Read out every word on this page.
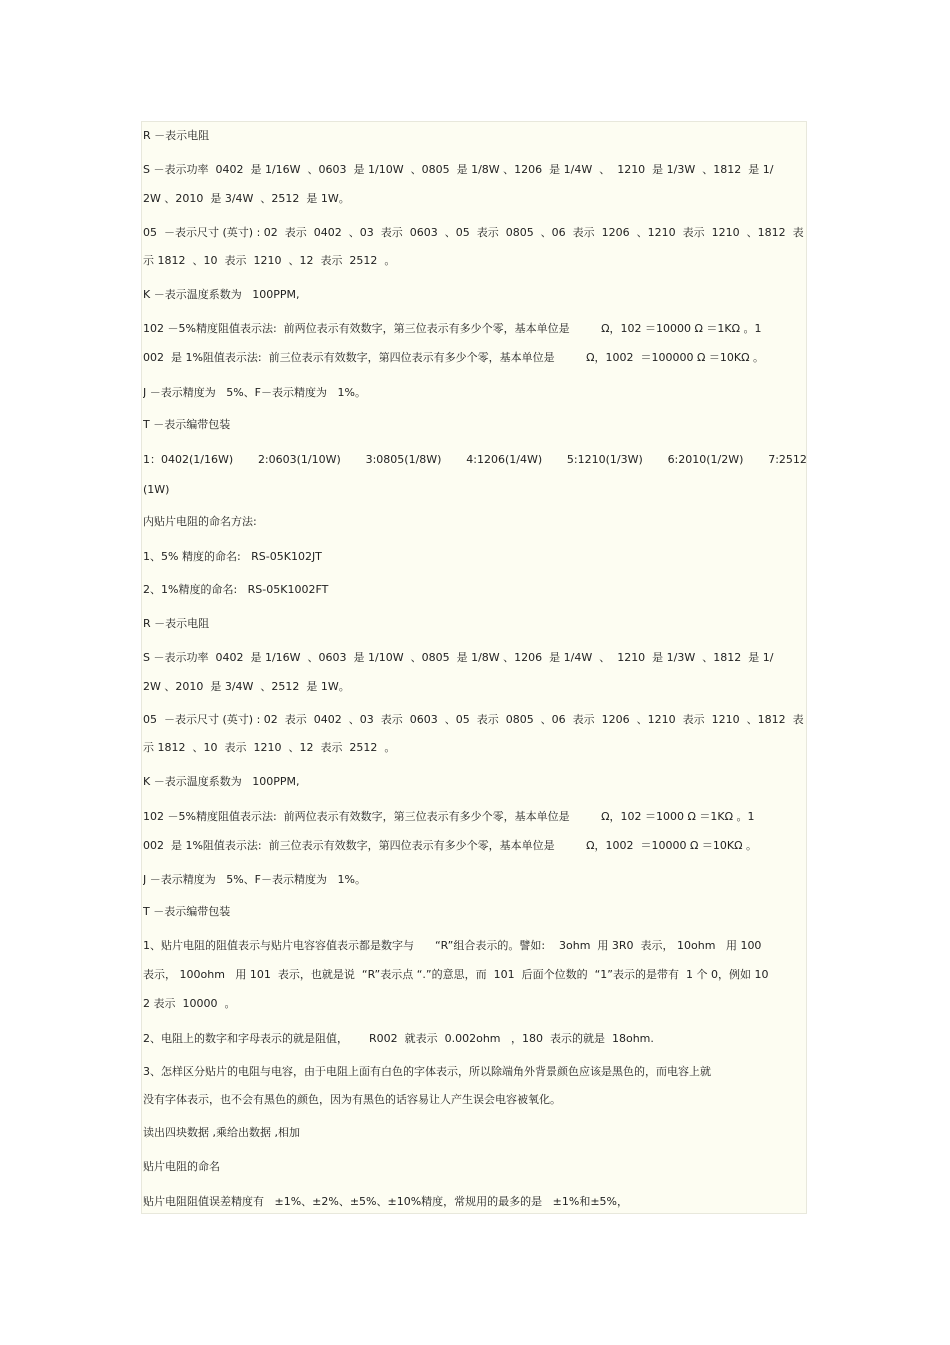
R －表示电阻

S －表示功率  0402  是 1/16W  、0603  是 1/10W  、0805  是 1/8W 、1206  是 1/4W  、  1210  是 1/3W  、1812  是 1/

2W 、2010  是 3/4W  、2512  是 1W。

05  －表示尺寸 (英寸) : 02  表示  0402  、03  表示  0603  、05  表示  0805  、06  表示  1206  、1210  表示  1210  、1812  表

示 1812  、10  表示  1210  、12  表示  2512  。

K －表示温度系数为   100PPM,

102 －5%精度阻值表示法:  前两位表示有效数字，第三位表示有多少个零，基本单位是         Ω，102 ＝10000 Ω ＝1KΩ 。1

002  是 1%阻值表示法:  前三位表示有效数字，第四位表示有多少个零，基本单位是         Ω，1002  ＝100000 Ω ＝10KΩ 。

J －表示精度为   5%、F－表示精度为   1%。

T －表示编带包装

1：0402(1/16W) 2:0603(1/10W) 3:0805(1/8W) 4:1206(1/4W) 5:1210(1/3W) 6:2010(1/2W) 7:2512

(1W)

内贴片电阻的命名方法:

1、5% 精度的命名:   RS-05K102JT

2、1%精度的命名:   RS-05K1002FT

R －表示电阻

S －表示功率  0402  是 1/16W  、0603  是 1/10W  、0805  是 1/8W 、1206  是 1/4W  、  1210  是 1/3W  、1812  是 1/

2W 、2010  是 3/4W  、2512  是 1W。

05  －表示尺寸 (英寸) : 02  表示  0402  、03  表示  0603  、05  表示  0805  、06  表示  1206  、1210  表示  1210  、1812  表

示 1812  、10  表示  1210  、12  表示  2512  。

K －表示温度系数为   100PPM,

102 －5%精度阻值表示法:  前两位表示有效数字，第三位表示有多少个零，基本单位是         Ω，102 ＝1000 Ω ＝1KΩ 。1

002  是 1%阻值表示法:  前三位表示有效数字，第四位表示有多少个零，基本单位是         Ω，1002  ＝10000 Ω ＝10KΩ 。

J －表示精度为   5%、F－表示精度为   1%。

T －表示编带包装

1、贴片电阻的阻值表示与贴片电容容值表示都是数字与      “R”组合表示的。譬如:    3ohm  用 3R0  表示， 10ohm   用 100

表示， 100ohm   用 101  表示，也就是说  “R”表示点 “.”的意思，而  101  后面个位数的  “1”表示的是带有  1 个 0，例如 10

2 表示  10000  。

2、电阻上的数字和字母表示的就是阻值，      R002  就表示  0.002ohm   ，180  表示的就是  18ohm.

3、怎样区分贴片的电阻与电容，由于电阻上面有白色的字体表示，所以除端角外背景颜色应该是黑色的，而电容上就

没有字体表示，也不会有黑色的颜色，因为有黑色的话容易让人产生误会电容被氧化。

读出四块数据 ,乘给出数据 ,相加

贴片电阻的命名

贴片电阻阻值误差精度有   ±1%、±2%、±5%、±10%精度，常规用的最多的是   ±1%和±5%，
